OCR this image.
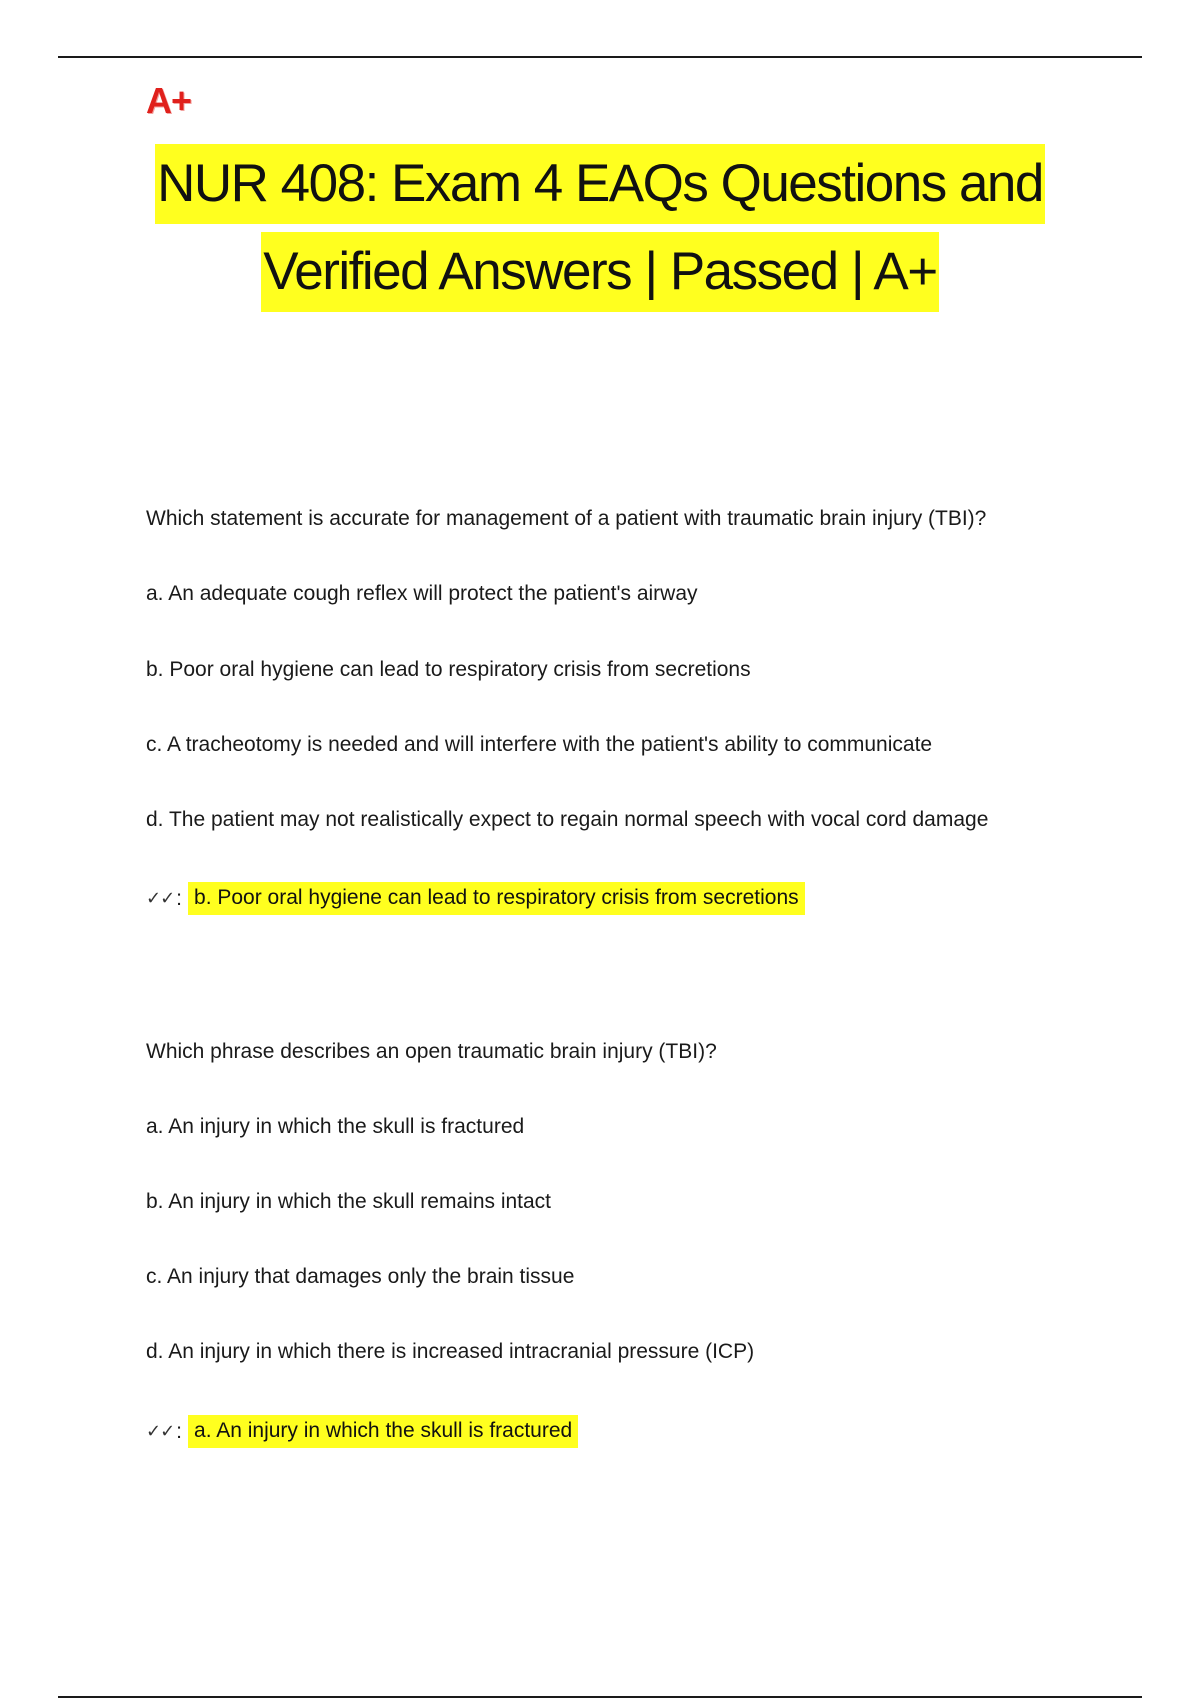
A+
NUR 408: Exam 4 EAQs Questions and
Verified Answers | Passed | A+
Which statement is accurate for management of a patient with traumatic brain injury (TBI)?
a. An adequate cough reflex will protect the patient's airway
b. Poor oral hygiene can lead to respiratory crisis from secretions
c. A tracheotomy is needed and will interfere with the patient's ability to communicate
d. The patient may not realistically expect to regain normal speech with vocal cord damage
✓✓ : b. Poor oral hygiene can lead to respiratory crisis from secretions
Which phrase describes an open traumatic brain injury (TBI)?
a. An injury in which the skull is fractured
b. An injury in which the skull remains intact
c. An injury that damages only the brain tissue
d. An injury in which there is increased intracranial pressure (ICP)
✓✓ : a. An injury in which the skull is fractured
